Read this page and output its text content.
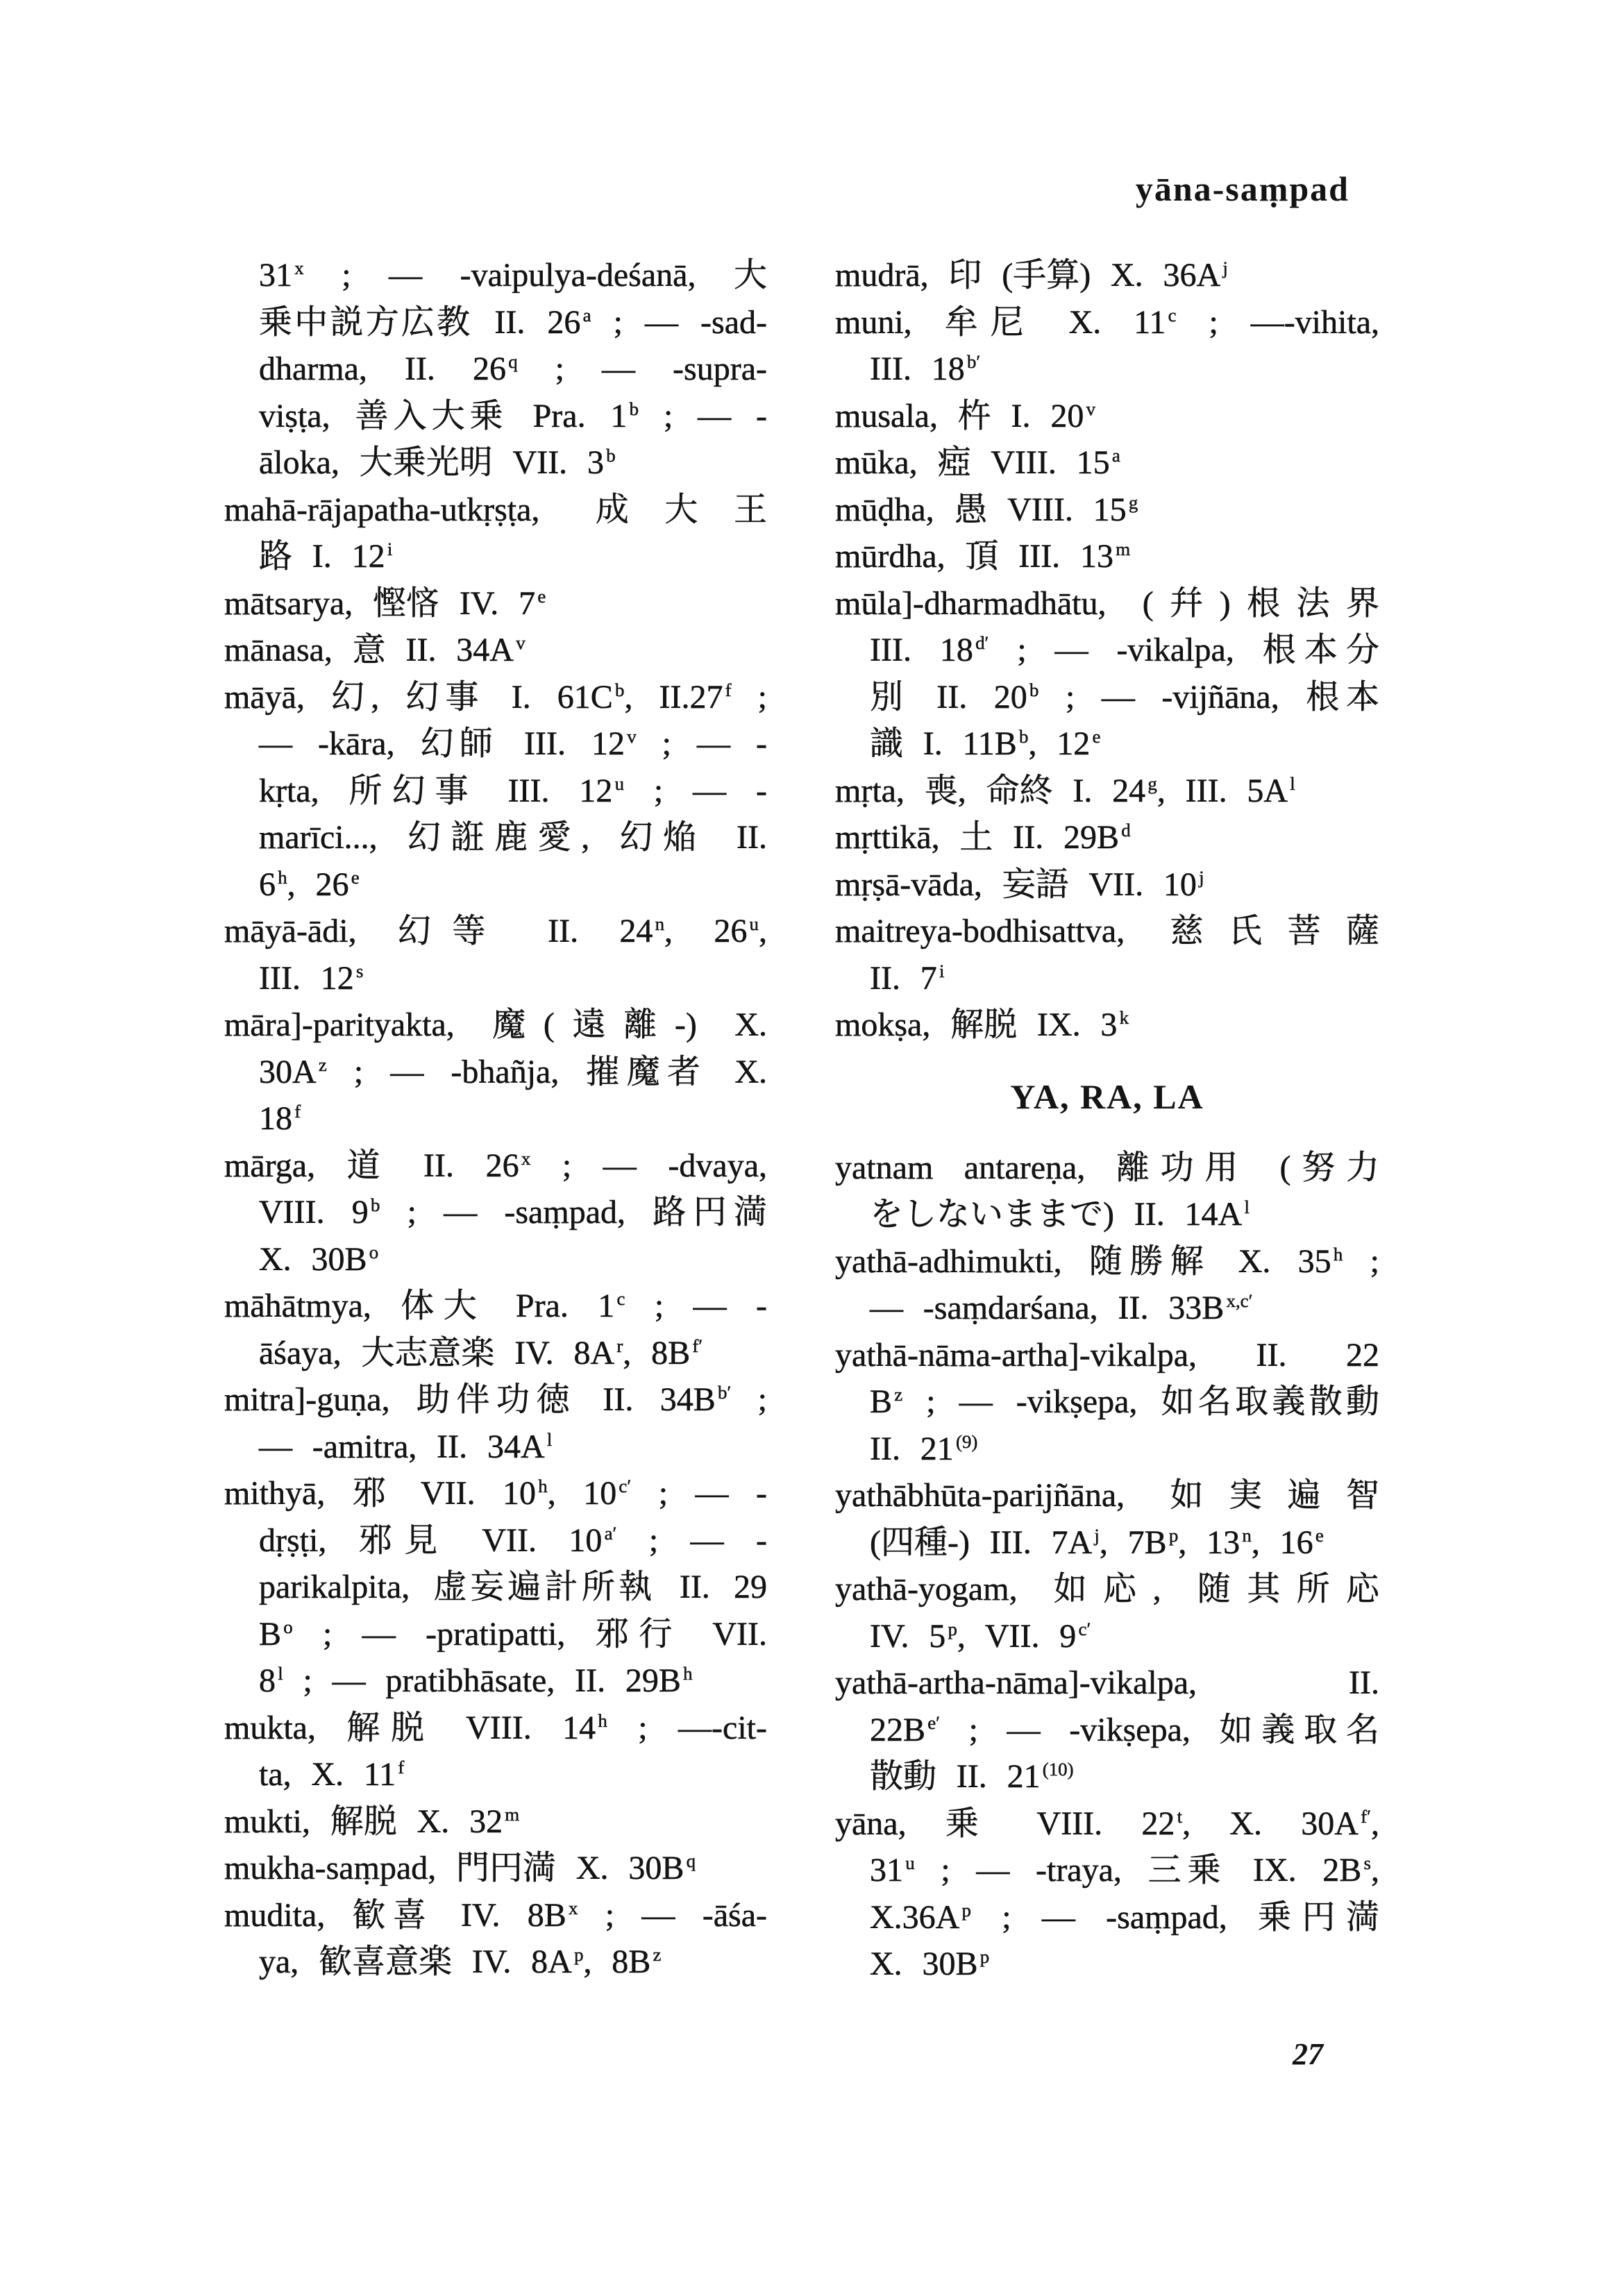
yāna-saṃpad
31 $^x$ ; — -vaipulya-deśanā, 大
乗中説方広教 II. 26 $^a$ ; — -sad-
dharma, II. 26 $^q$ ; — -supra-
viṣṭa, 善入大乗 Pra. 1 $^b$ ; — -
āloka, 大乗光明 VII. 3 $^b$
mahā-rājapatha-utkṛṣṭa, 成大王
路 I. 12 $^i$
mātsarya, 慳悋 IV. 7 $^e$
mānasa, 意 II. 34A $^v$
māyā, 幻, 幻事 I. 61C $^b$, II.27 $^f$ ;
— -kāra, 幻師 III. 12 $^v$ ; — -
kṛta, 所幻事 III. 12 $^u$ ; — -
marīci..., 幻誑鹿愛, 幻焔 II.
6 $^h$, 26 $^e$
māyā-ādi, 幻等 II. 24 $^n$, 26 $^u$,
III. 12 $^s$
māra]-parityakta, 魔(遠離-) X.
30A $^z$ ; — -bhañja, 摧魔者 X.
18 $^f$
mārga, 道 II. 26 $^x$ ; — -dvaya,
VIII. 9 $^b$ ; — -saṃpad, 路円満
X. 30B $^o$
māhātmya, 体大 Pra. 1 $^c$ ; — -
āśaya, 大志意楽 IV. 8A $^r$, 8B $^{f'}$
mitra]-guṇa, 助伴功徳 II. 34B $^{b'}$ ;
— -amitra, II. 34A $^l$
mithyā, 邪 VII. 10 $^h$, 10 $^{c'}$ ; — -
dṛṣṭi, 邪見 VII. 10 $^{a'}$ ; — -
parikalpita, 虚妄遍計所執 II. 29
B $^o$ ; — -pratipatti, 邪行 VII.
8 $^l$ ; — pratibhāsate, II. 29B $^h$
mukta, 解脱 VIII. 14 $^h$ ; —-cit-
ta, X. 11 $^f$
mukti, 解脱 X. 32 $^m$
mukha-saṃpad, 門円満 X. 30B $^q$
mudita, 歓喜 IV. 8B $^x$ ; — -āśa-
ya, 歓喜意楽 IV. 8A $^p$, 8B $^z$
mudrā, 印 (手算) X. 36A $^j$
muni, 牟尼 X. 11 $^c$ ; —-vihita,
III. 18 $^{b'}$
musala, 杵 I. 20 $^v$
mūka, 瘂 VIII. 15 $^a$
mūḍha, 愚 VIII. 15 $^g$
mūrdha, 頂 III. 13 $^m$
mūla]-dharmadhātu, (幷)根法界
III. 18 $^{d'}$ ; — -vikalpa, 根本分
別 II. 20 $^b$ ; — -vijñāna, 根本
識 I. 11B $^b$, 12 $^e$
mṛta, 喪, 命終 I. 24 $^g$, III. 5A $^l$
mṛttikā, 土 II. 29B $^d$
mṛṣā-vāda, 妄語 VII. 10 $^j$
maitreya-bodhisattva, 慈氏菩薩
II. 7 $^i$
mokṣa, 解脱 IX. 3 $^k$
YA, RA, LA
yatnam antareṇa, 離功用 (努力
をしないままで) II. 14A $^l$
yathā-adhimukti, 随勝解 X. 35 $^h$ ;
— -saṃdarśana, II. 33B $^{x,c'}$
yathā-nāma-artha]-vikalpa, II. 22
B $^z$ ; — -vikṣepa, 如名取義散動
II. 21 $^{(9)}$
yathābhūta-parijñāna, 如実遍智
(四種-) III. 7A $^j$, 7B $^p$, 13 $^n$, 16 $^e$
yathā-yogam, 如応, 随其所応
IV. 5 $^p$, VII. 9 $^{c'}$
yathā-artha-nāma]-vikalpa, II.
22B $^{e'}$ ; — -vikṣepa, 如義取名
散動 II. 21 $^{(10)}$
yāna, 乗 VIII. 22 $^t$, X. 30A $^{f'}$,
31 $^u$ ; — -traya, 三乗 IX. 2B $^s$,
X.36A $^p$ ; — -saṃpad, 乗円満
X. 30B $^p$
27
